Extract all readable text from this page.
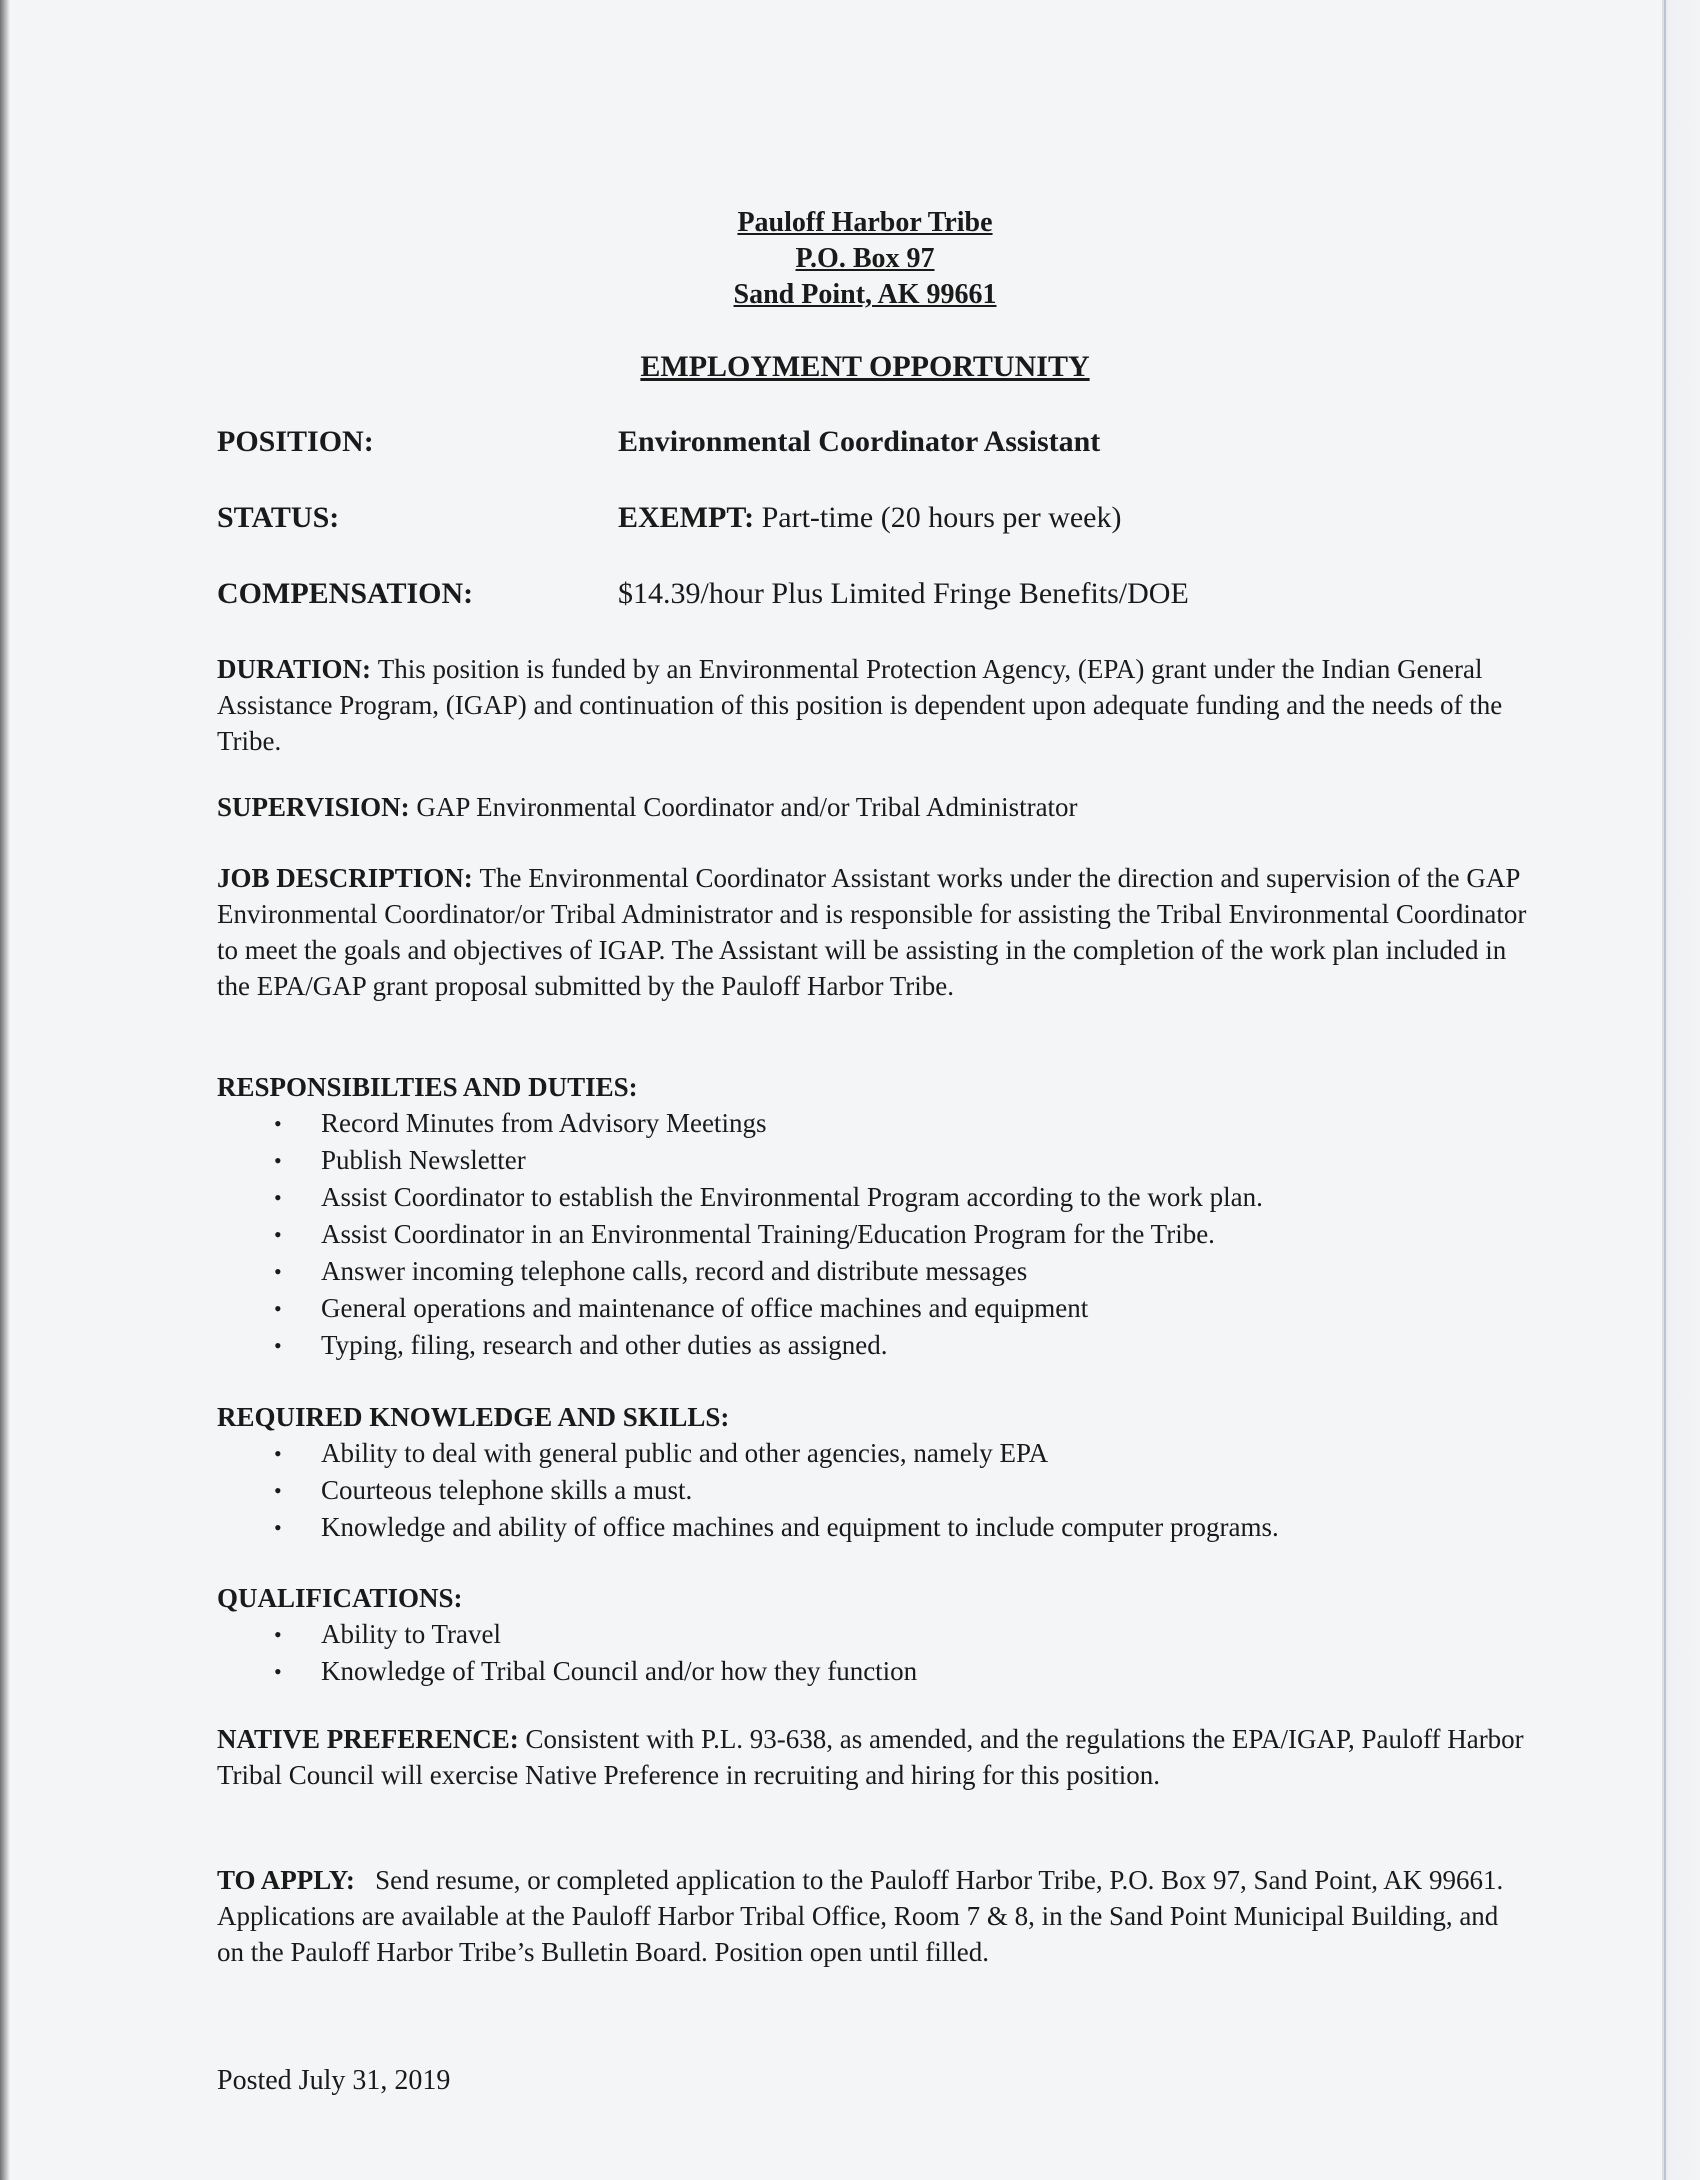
Pauloff Harbor Tribe
P.O. Box 97
Sand Point, AK 99661
EMPLOYMENT OPPORTUNITY
POSITION:	Environmental Coordinator Assistant
STATUS:	EXEMPT: Part-time (20 hours per week)
COMPENSATION:	$14.39/hour Plus Limited Fringe Benefits/DOE
DURATION: This position is funded by an Environmental Protection Agency, (EPA) grant under the Indian General Assistance Program, (IGAP) and continuation of this position is dependent upon adequate funding and the needs of the Tribe.
SUPERVISION: GAP Environmental Coordinator and/or Tribal Administrator
JOB DESCRIPTION: The Environmental Coordinator Assistant works under the direction and supervision of the GAP Environmental Coordinator/or Tribal Administrator and is responsible for assisting the Tribal Environmental Coordinator to meet the goals and objectives of IGAP. The Assistant will be assisting in the completion of the work plan included in the EPA/GAP grant proposal submitted by the Pauloff Harbor Tribe.
RESPONSIBILTIES AND DUTIES:
• Record Minutes from Advisory Meetings
• Publish Newsletter
• Assist Coordinator to establish the Environmental Program according to the work plan.
• Assist Coordinator in an Environmental Training/Education Program for the Tribe.
• Answer incoming telephone calls, record and distribute messages
• General operations and maintenance of office machines and equipment
• Typing, filing, research and other duties as assigned.
REQUIRED KNOWLEDGE AND SKILLS:
• Ability to deal with general public and other agencies, namely EPA
• Courteous telephone skills a must.
• Knowledge and ability of office machines and equipment to include computer programs.
QUALIFICATIONS:
• Ability to Travel
• Knowledge of Tribal Council and/or how they function
NATIVE PREFERENCE: Consistent with P.L. 93-638, as amended, and the regulations the EPA/IGAP, Pauloff Harbor Tribal Council will exercise Native Preference in recruiting and hiring for this position.
TO APPLY: Send resume, or completed application to the Pauloff Harbor Tribe, P.O. Box 97, Sand Point, AK 99661. Applications are available at the Pauloff Harbor Tribal Office, Room 7 & 8, in the Sand Point Municipal Building, and on the Pauloff Harbor Tribe’s Bulletin Board. Position open until filled.
Posted July 31, 2019
